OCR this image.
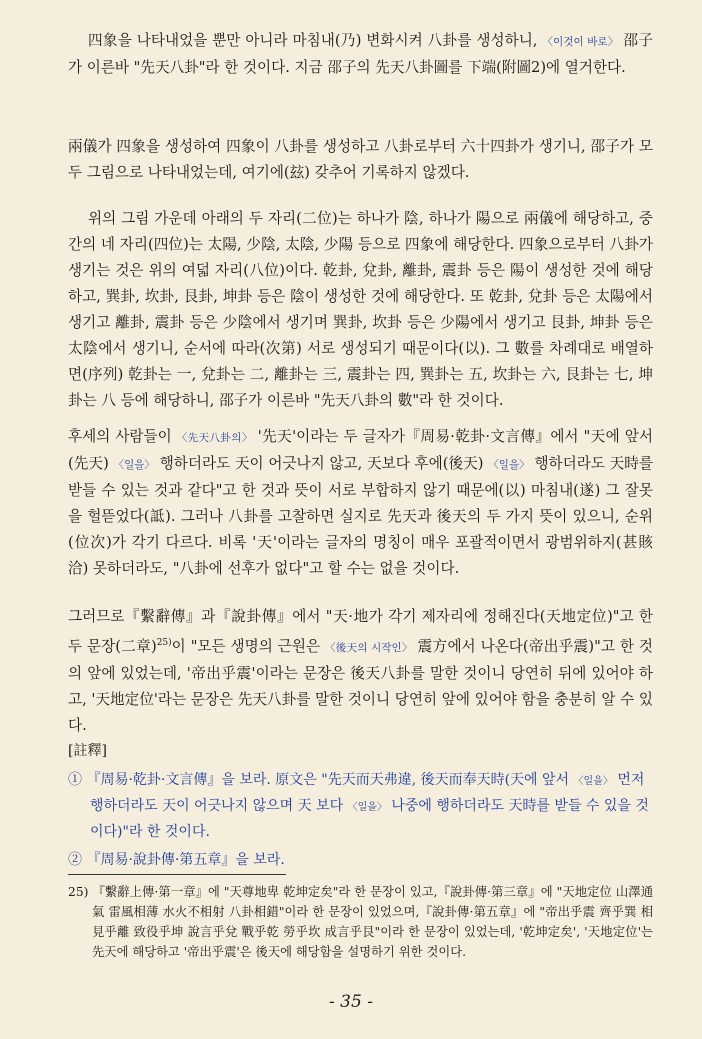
四象을 나타내었을 뿐만 아니라 마침내(乃) 변화시켜 八卦를 생성하니, 〈이것이 바로〉 邵子가 이른바 "先天八卦"라 한 것이다. 지금 邵子의 先天八卦圖를 下端(附圖2)에 열거한다.

兩儀가 四象을 생성하여 四象이 八卦를 생성하고 八卦로부터 六十四卦가 생기니, 邵子가 모두 그림으로 나타내었는데, 여기에(玆) 갖추어 기록하지 않겠다.

위의 그림 가운데 아래의 두 자리(二位)는 하나가 陰, 하나가 陽으로 兩儀에 해당하고, 중간의 네 자리(四位)는 太陽, 少陰, 太陰, 少陽 등으로 四象에 해당한다. 四象으로부터 八卦가 생기는 것은 위의 여덟 자리(八位)이다. 乾卦, 兌卦, 離卦, 震卦 등은 陽이 생성한 것에 해당하고, 巽卦, 坎卦, 艮卦, 坤卦 등은 陰이 생성한 것에 해당한다. 또 乾卦, 兌卦 등은 太陽에서 생기고 離卦, 震卦 등은 少陰에서 생기며 巽卦, 坎卦 등은 少陽에서 생기고 艮卦, 坤卦 등은 太陰에서 생기니, 순서에 따라(次第) 서로 생성되기 때문이다(以). 그 數를 차례대로 배열하면(序列) 乾卦는 一, 兌卦는 二, 離卦는 三, 震卦는 四, 巽卦는 五, 坎卦는 六, 艮卦는 七, 坤卦는 八 등에 해당하니, 邵子가 이른바 "先天八卦의 數"라 한 것이다.

후세의 사람들이 〈先天八卦의〉 '先天'이라는 두 글자가『周易·乾卦·文言傳』에서 "天에 앞서(先天) 〈일을〉 행하더라도 天이 어긋나지 않고, 天보다 후에(後天) 〈일을〉 행하더라도 天時를 받들 수 있는 것과 같다"고 한 것과 뜻이 서로 부합하지 않기 때문에(以) 마침내(遂) 그 잘못을 헐뜯었다(詆). 그러나 八卦를 고찰하면 실지로 先天과 後天의 두 가지 뜻이 있으니, 순위(位次)가 각기 다르다. 비록 '天'이라는 글자의 명칭이 매우 포괄적이면서 광범위하지(甚賅洽) 못하더라도, "八卦에 선후가 없다"고 할 수는 없을 것이다.

그러므로『繫辭傳』과『說卦傳』에서 "天·地가 각기 제자리에 정해진다(天地定位)"고 한 두 문장(二章)$^{25)}$이 "모든 생명의 근원은 〈後天의 시작인〉 震方에서 나온다(帝出乎震)"고 한 것의 앞에 있었는데, '帝出乎震'이라는 문장은 後天八卦를 말한 것이니 당연히 뒤에 있어야 하고, '天地定位'라는 문장은 先天八卦를 말한 것이니 당연히 앞에 있어야 함을 충분히 알 수 있다.

[註釋]

① 『周易·乾卦·文言傳』을 보라. 原文은 "先天而天弗違, 後天而奉天時(天에 앞서 〈일을〉 먼저 행하더라도 天이 어긋나지 않으며 天 보다 〈일을〉 나중에 행하더라도 天時를 받들 수 있을 것이다)"라 한 것이다.

② 『周易·說卦傳·第五章』을 보라.

25) 『繫辭上傳·第一章』에 "天尊地卑 乾坤定矣"라 한 문장이 있고,『說卦傳·第三章』에 "天地定位 山澤通氣 雷風相薄 水火不相射 八卦相錯"이라 한 문장이 있었으며,『說卦傳·第五章』에 "帝出乎震 齊乎巽 相見乎離 致役乎坤 說言乎兌 戰乎乾 勞乎坎 成言乎艮"이라 한 문장이 있었는데, '乾坤定矣', '天地定位'는 先天에 해당하고 '帝出乎震'은 後天에 해당함을 설명하기 위한 것이다.

- 35 -
